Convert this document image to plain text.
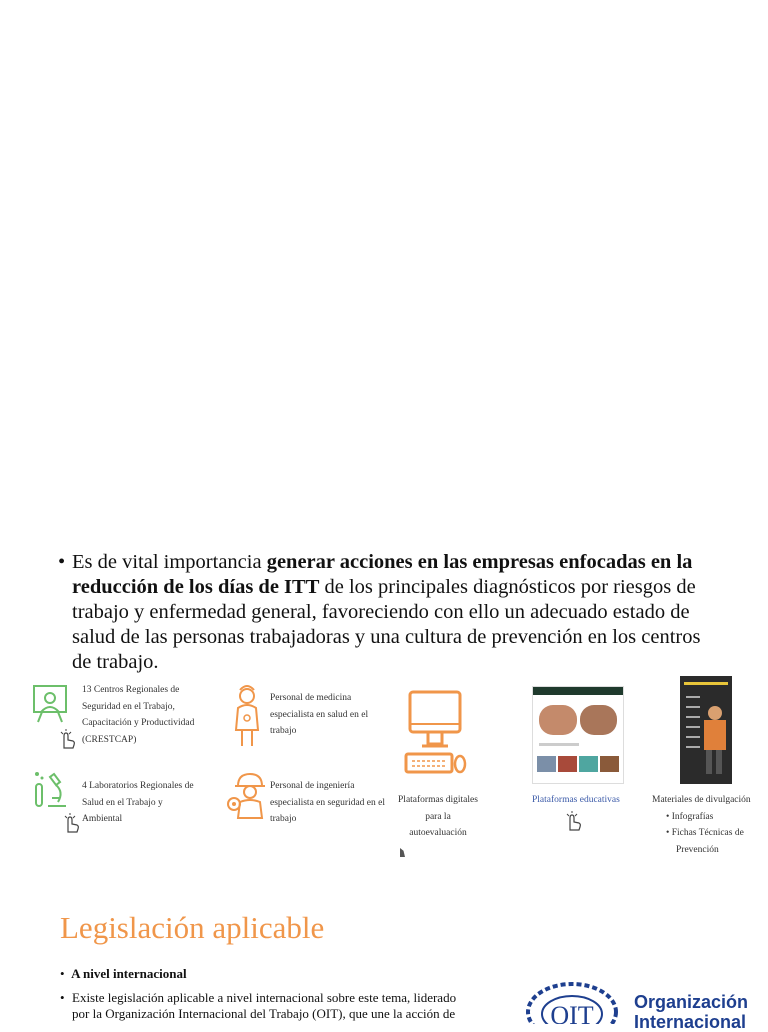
• Es de vital importancia generar acciones en las empresas enfocadas en la reducción de los días de ITT de los principales diagnósticos por riesgos de trabajo y enfermedad general, favoreciendo con ello un adecuado estado de salud de las personas trabajadoras y una cultura de prevención en los centros de trabajo.
13 Centros Regionales de
Seguridad en el Trabajo,
Capacitación y Productividad
(CRESTCAP)
4 Laboratorios Regionales de
Salud en el Trabajo y
Ambiental
Personal de medicina
especialista en salud en el
trabajo
Personal de ingeniería
especialista en seguridad en el
trabajo
Plataformas digitales
para la autoevaluación
Plataformas educativas	Materiales de divulgación
• Infografías
• Fichas Técnicas de
Prevención
Legislación aplicable
•  A nivel internacional
• Existe legislación aplicable a nivel internacional sobre este tema, liderado
por la Organización Internacional del Trabajo (OIT), que une la acción de	OIT Organización
Internacional
